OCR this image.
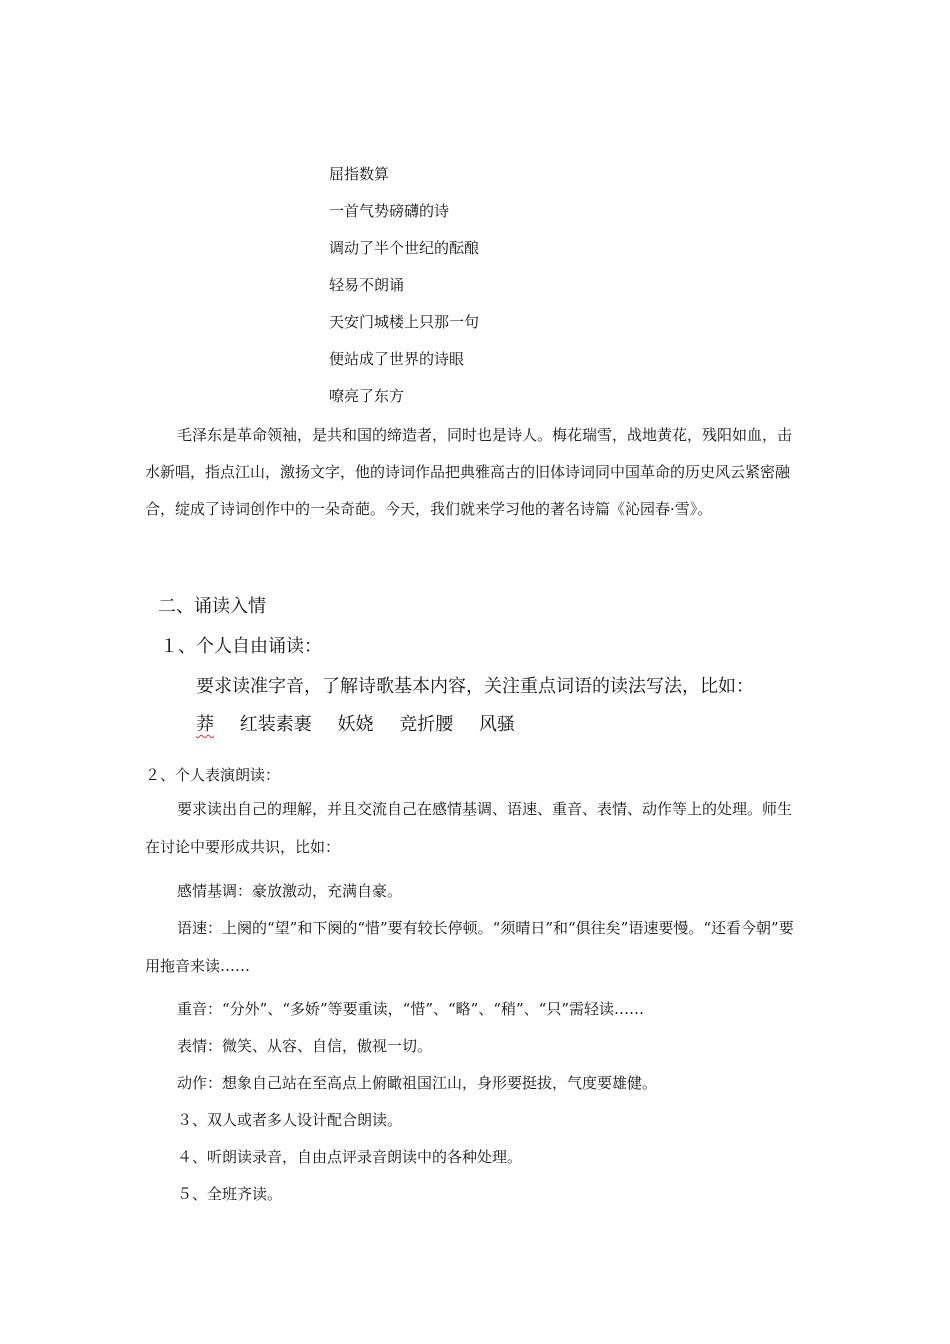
屈指数算
一首气势磅礴的诗
调动了半个世纪的酝酿
轻易不朗诵
天安门城楼上只那一句
便站成了世界的诗眼
嘹亮了东方
毛泽东是革命领袖，是共和国的缔造者，同时也是诗人。梅花瑞雪，战地黄花，残阳如血，击水新唱，指点江山，激扬文字，他的诗词作品把典雅高古的旧体诗词同中国革命的历史风云紧密融合，绽成了诗词创作中的一朵奇葩。今天，我们就来学习他的著名诗篇《沁园春·雪》。
二、诵读入情
１、个人自由诵读：
要求读准字音，了解诗歌基本内容，关注重点词语的读法写法，比如：
莽 红装素裹 妖娆 竞折腰 风骚
２、个人表演朗读：
要求读出自己的理解，并且交流自己在感情基调、语速、重音、表情、动作等上的处理。师生在讨论中要形成共识，比如：
感情基调：豪放激动，充满自豪。
语速：上阕的“望”和下阕的“惜”要有较长停顿。“须晴日”和“俱往矣”语速要慢。“还看今朝”要用拖音来读……
重音：“分外”、“多娇”等要重读，“惜”、“略”、“稍”、“只”需轻读……
表情：微笑、从容、自信，傲视一切。
动作：想象自己站在至高点上俯瞰祖国江山，身形要挺拔，气度要雄健。
３、双人或者多人设计配合朗读。
４、听朗读录音，自由点评录音朗读中的各种处理。
５、全班齐读。
